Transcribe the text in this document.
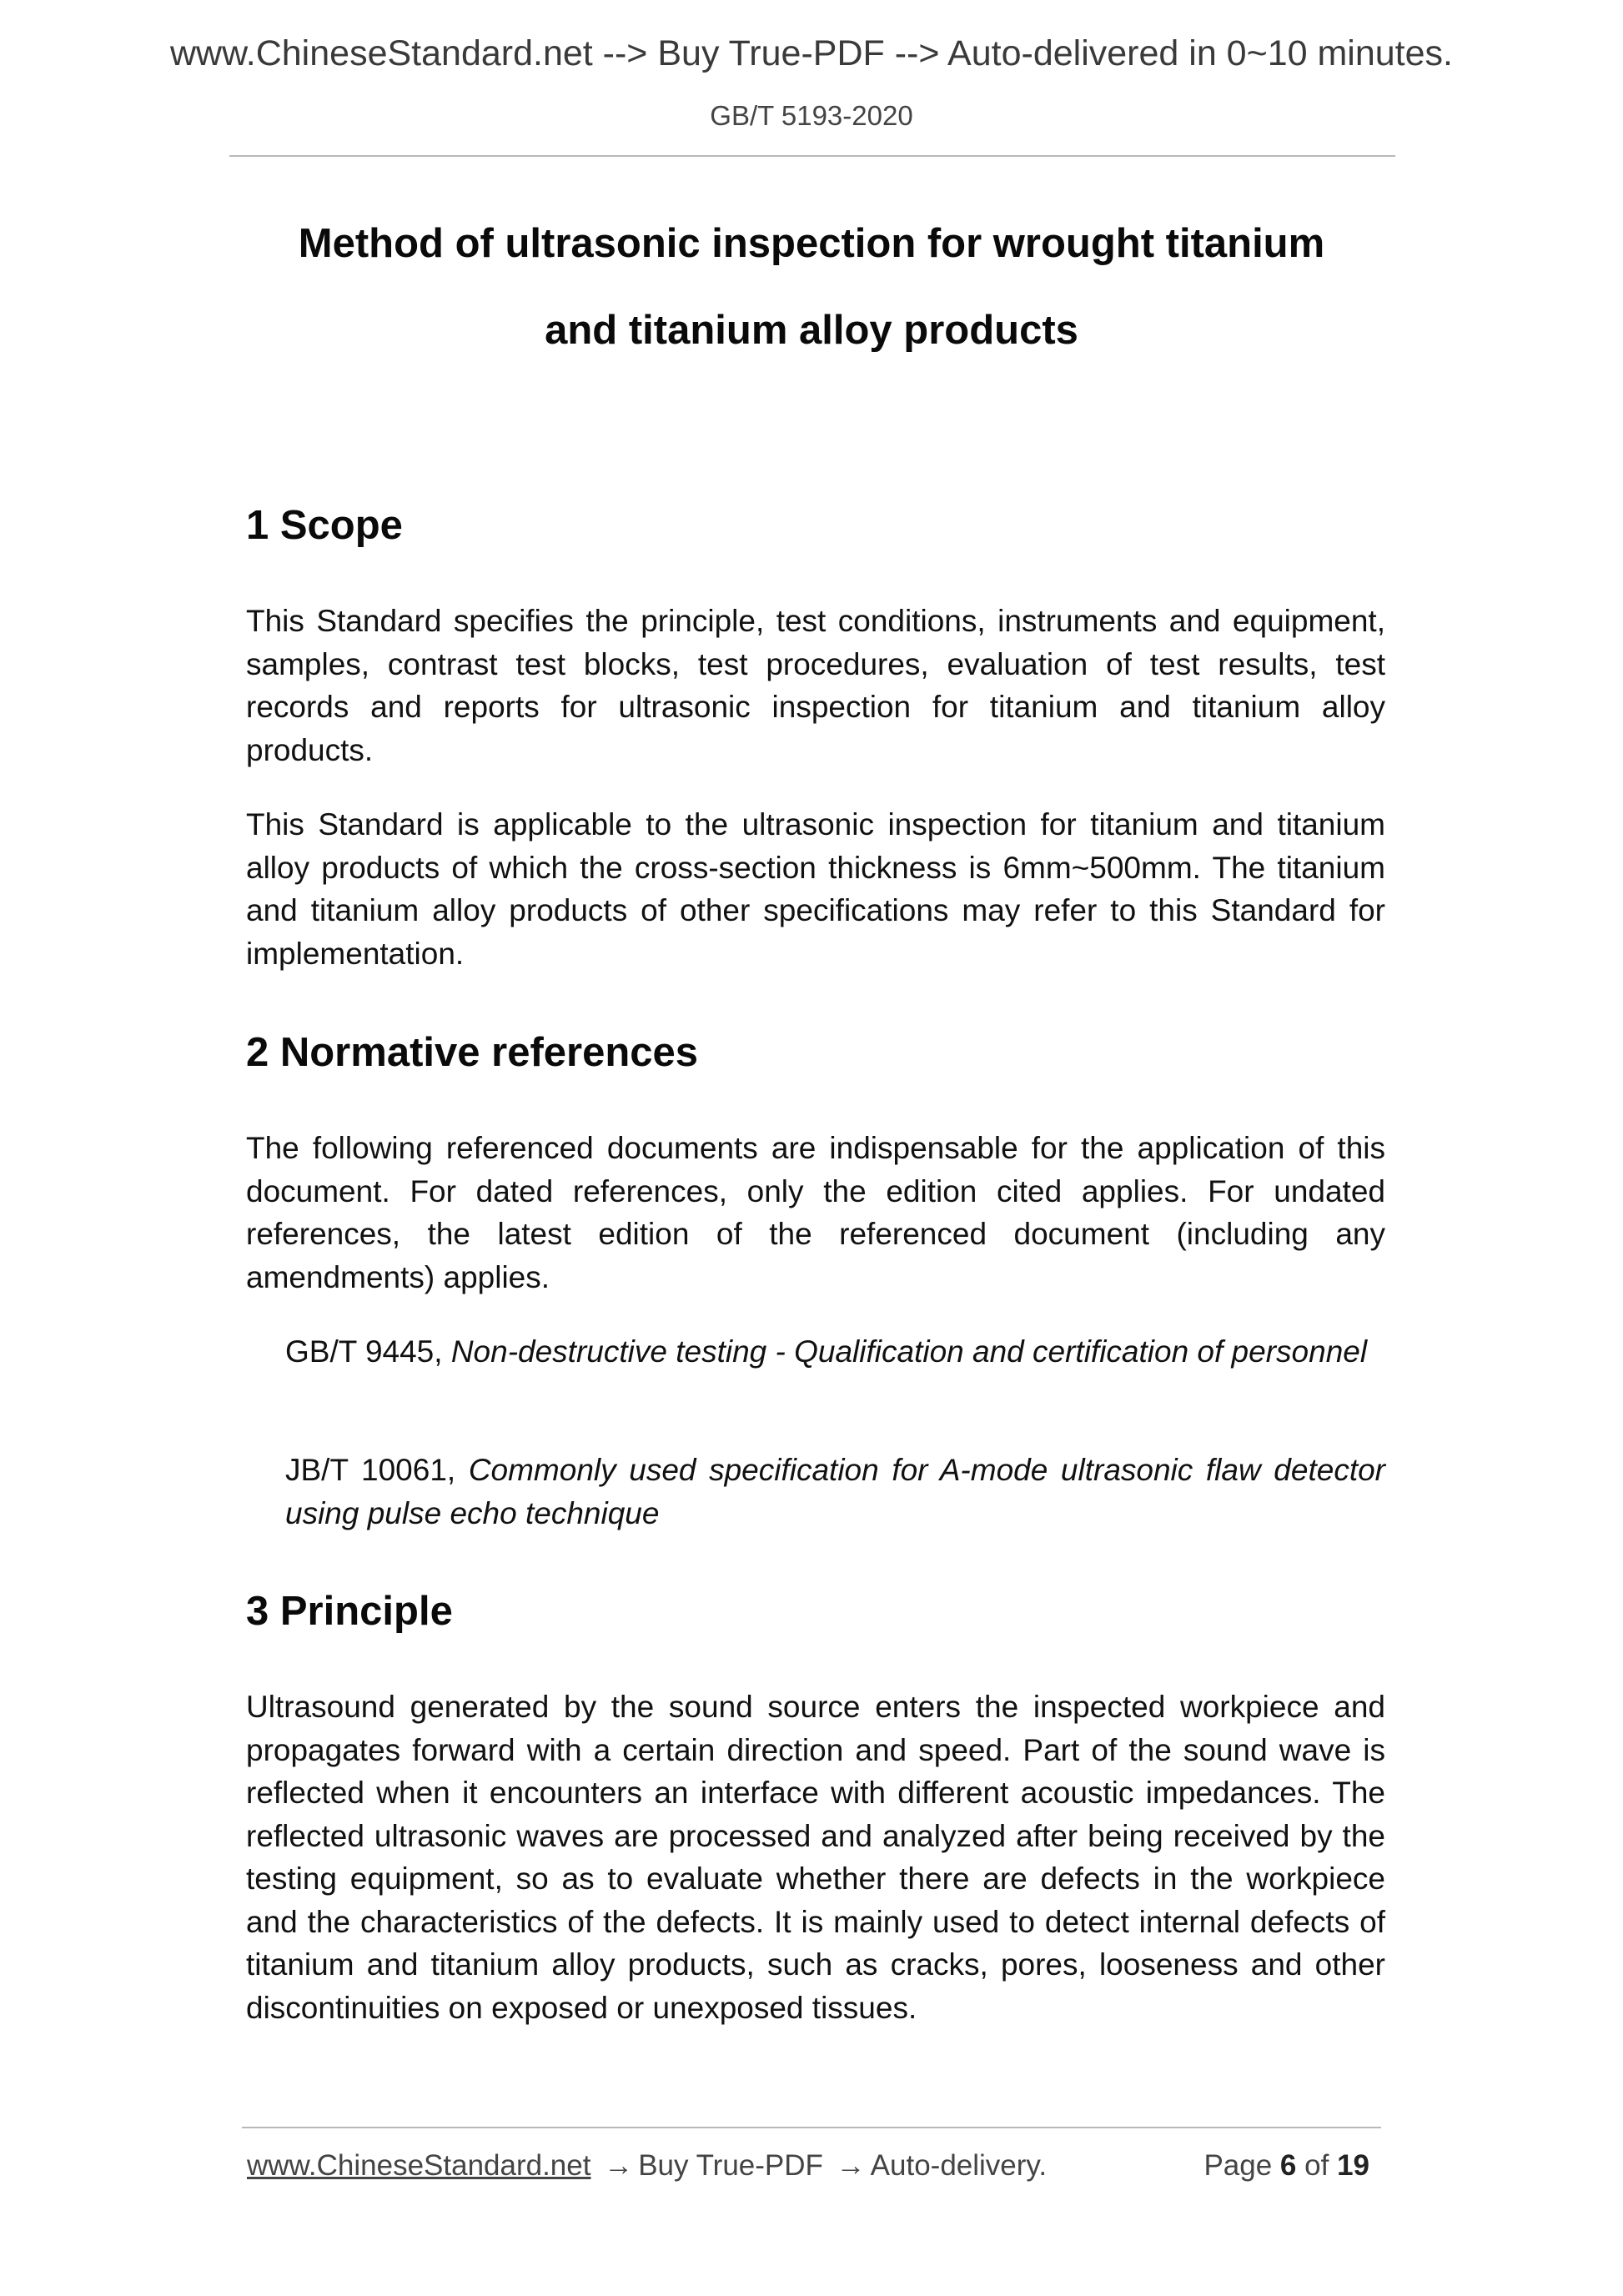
www.ChineseStandard.net --> Buy True-PDF --> Auto-delivered in 0~10 minutes.
GB/T 5193-2020
Method of ultrasonic inspection for wrought titanium
and titanium alloy products
1 Scope

This Standard specifies the principle, test conditions, instruments and equipment, samples, contrast test blocks, test procedures, evaluation of test results, test records and reports for ultrasonic inspection for titanium and titanium alloy products.

This Standard is applicable to the ultrasonic inspection for titanium and titanium alloy products of which the cross-section thickness is 6mm~500mm. The titanium and titanium alloy products of other specifications may refer to this Standard for implementation.

2 Normative references

The following referenced documents are indispensable for the application of this document. For dated references, only the edition cited applies. For undated references, the latest edition of the referenced document (including any amendments) applies.

GB/T 9445, Non-destructive testing - Qualification and certification of personnel

JB/T 10061, Commonly used specification for A-mode ultrasonic flaw detector using pulse echo technique

3 Principle

Ultrasound generated by the sound source enters the inspected workpiece and propagates forward with a certain direction and speed. Part of the sound wave is reflected when it encounters an interface with different acoustic impedances. The reflected ultrasonic waves are processed and analyzed after being received by the testing equipment, so as to evaluate whether there are defects in the workpiece and the characteristics of the defects. It is mainly used to detect internal defects of titanium and titanium alloy products, such as cracks, pores, looseness and other discontinuities on exposed or unexposed tissues.

www.ChineseStandard.net → Buy True-PDF → Auto-delivery.	Page 6 of 19
